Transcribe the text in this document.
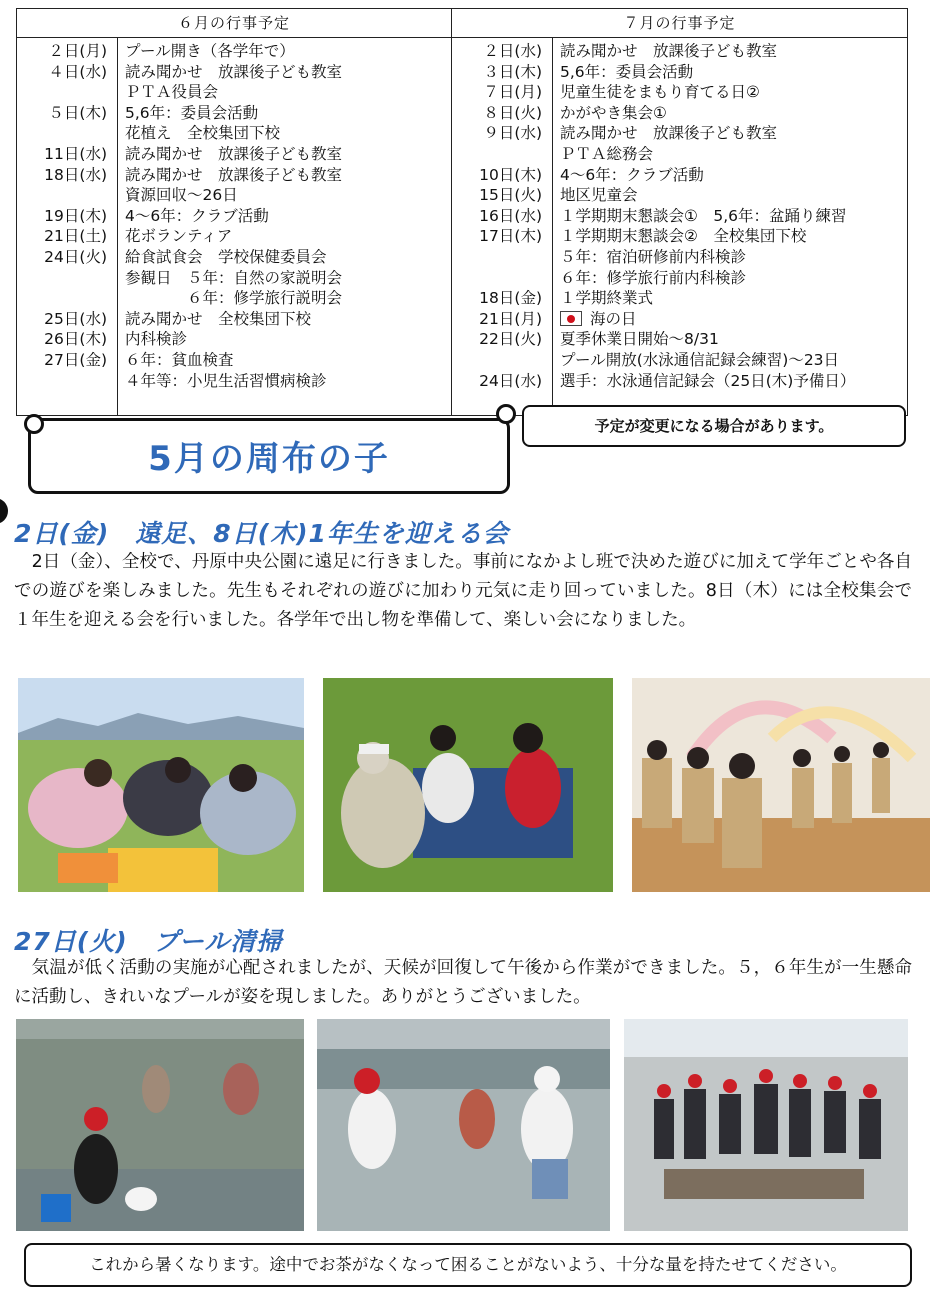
６月の行事予定
２日(月)	プール開き（各学年で）
４日(水)	読み聞かせ　放課後子ども教室
ＰＴＡ役員会
５日(木)	5,6年：委員会活動
花植え　全校集団下校
11日(水)	読み聞かせ　放課後子ども教室
18日(水)	読み聞かせ　放課後子ども教室
資源回収～26日
19日(木)	4～6年：クラブ活動
21日(土)	花ボランティア
24日(火)	給食試食会　学校保健委員会
参観日　５年：自然の家説明会
　　　　６年：修学旅行説明会
25日(水)	読み聞かせ　全校集団下校
26日(木)	内科検診
27日(金)	６年：貧血検査
４年等：小児生活習慣病検診
７月の行事予定
２日(水)	読み聞かせ　放課後子ども教室
３日(木)	5,6年：委員会活動
７日(月)	児童生徒をまもり育てる日②
８日(火)	かがやき集会①
９日(水)	読み聞かせ　放課後子ども教室
ＰＴＡ総務会
10日(木)	4～6年：クラブ活動
15日(火)	地区児童会
16日(水)	１学期期末懇談会①　5,6年：盆踊り練習
17日(木)	１学期期末懇談会②　全校集団下校
５年：宿泊研修前内科検診
６年：修学旅行前内科検診
18日(金)	１学期終業式
21日(月)	海の日
22日(火)	夏季休業日開始～8/31
プール開放(水泳通信記録会練習)～23日
24日(水)	選手：水泳通信記録会（25日(木)予備日）
5月の周布の子
予定が変更になる場合があります。
2日(金)　遠足、8日(木)1年生を迎える会
　2日（金）、全校で、丹原中央公園に遠足に行きました。事前になかよし班で決めた遊びに加えて学年ごとや各自での遊びを楽しみました。先生もそれぞれの遊びに加わり元気に走り回っていました。8日（木）には全校集会で１年生を迎える会を行いました。各学年で出し物を準備して、楽しい会になりました。
27日(火)　プール清掃
　気温が低く活動の実施が心配されましたが、天候が回復して午後から作業ができました。５，６年生が一生懸命に活動し、きれいなプールが姿を現しました。ありがとうございました。
これから暑くなります。途中でお茶がなくなって困ることがないよう、十分な量を持たせてください。
